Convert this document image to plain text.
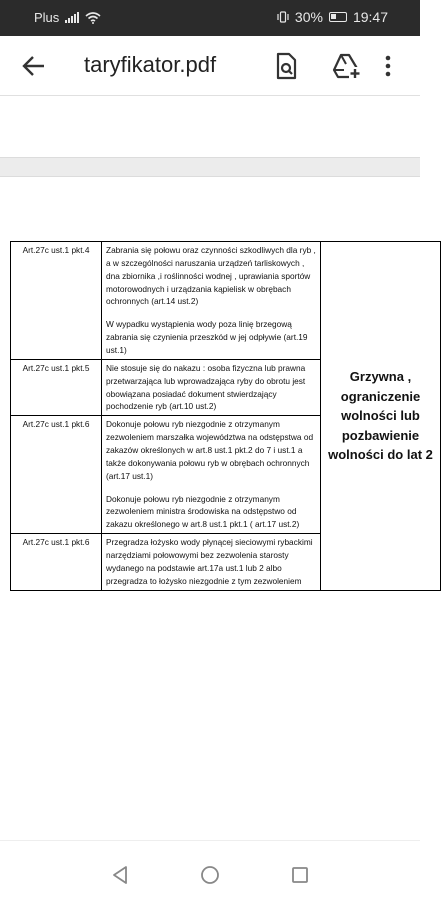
Plus	30% 19:47
taryfikator.pdf
Art.27c ust.1 pkt.4	Zabrania się połowu oraz czynności szkodliwych dla ryb , a w szczególności naruszania urządzeń tarliskowych , dna zbiornika ,i roślinności wodnej , uprawiania sportów motorowodnych i urządzania kąpielisk w obrębach ochronnych (art.14 ust.2)

W wypadku wystąpienia wody poza linię brzegową zabrania się czynienia przeszkód w jej odpływie (art.19 ust.1)	Grzywna , ograniczenie wolności lub pozbawienie wolności do lat 2
Art.27c ust.1 pkt.5	Nie stosuje się do nakazu : osoba fizyczna lub prawna przetwarzająca lub wprowadzająca ryby do obrotu jest obowiązana posiadać dokument stwierdzający pochodzenie ryb (art.10 ust.2)	

Art.27c ust.1 pkt.6	Dokonuje połowu ryb niezgodnie z otrzymanym zezwoleniem marszałka województwa na odstępstwa od zakazów określonych w art.8 ust.1 pkt.2 do 7 i ust.1 a także dokonywania połowu ryb w obrębach ochronnych (art.17 ust.1)

Dokonuje połowu ryb niezgodnie z otrzymanym zezwoleniem ministra środowiska na odstępstwo od zakazu określonego w art.8 ust.1 pkt.1 ( art.17 ust.2)	

Art.27c ust.1 pkt.6	Przegradza łożysko wody płynącej sieciowymi rybackimi narzędziami połowowymi bez zezwolenia starosty wydanego na podstawie art.17a ust.1 lub 2 albo przegradza to łożysko niezgodnie z tym zezwoleniem	
